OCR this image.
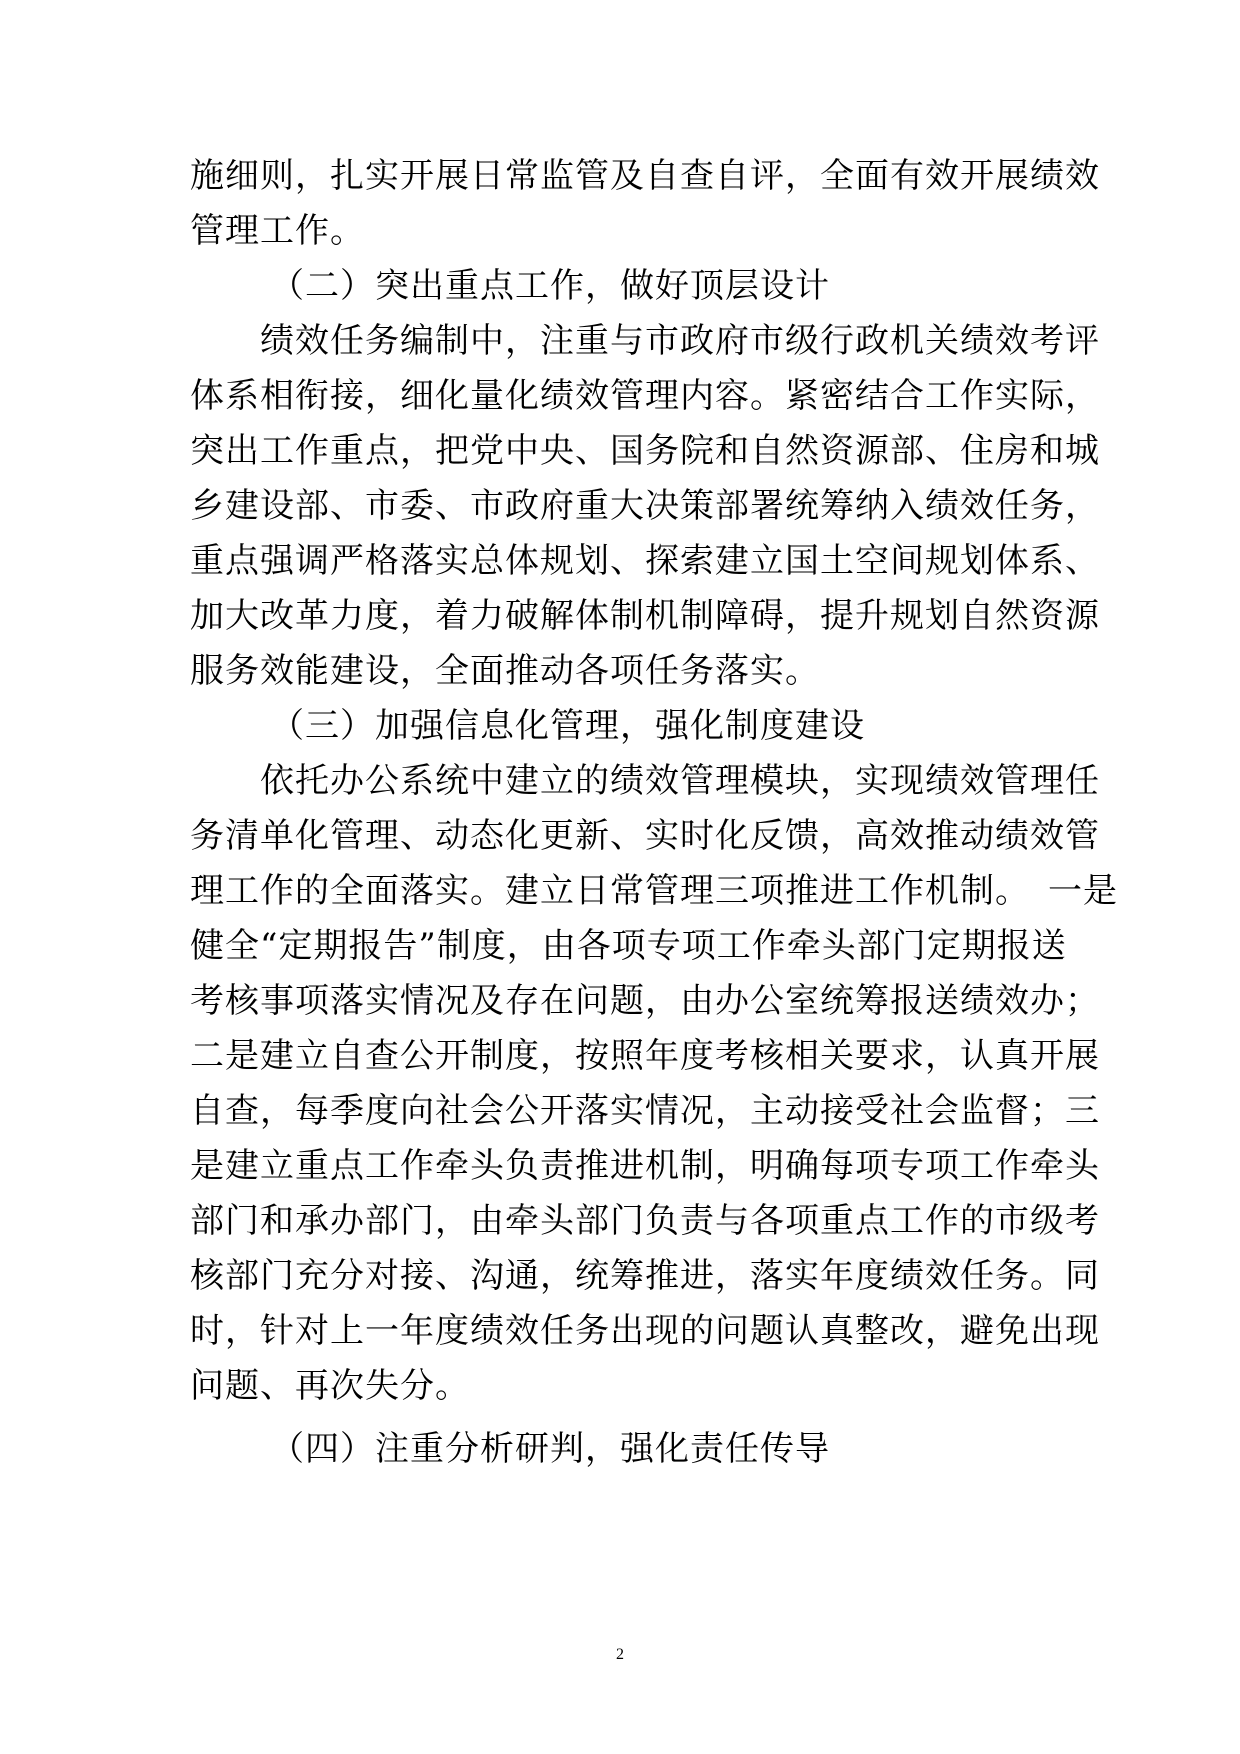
施细则，扎实开展日常监管及自查自评，全面有效开展绩效
管理工作。
（二）突出重点工作，做好顶层设计
绩效任务编制中，注重与市政府市级行政机关绩效考评
体系相衔接，细化量化绩效管理内容。紧密结合工作实际，
突出工作重点，把党中央、国务院和自然资源部、住房和城
乡建设部、市委、市政府重大决策部署统筹纳入绩效任务，
重点强调严格落实总体规划、探索建立国土空间规划体系、
加大改革力度，着力破解体制机制障碍，提升规划自然资源
服务效能建设，全面推动各项任务落实。
（三）加强信息化管理，强化制度建设
依托办公系统中建立的绩效管理模块，实现绩效管理任
务清单化管理、动态化更新、实时化反馈，高效推动绩效管
理工作的全面落实。建立日常管理三项推进工作机制。　一是
健全“定期报告”制度，由各项专项工作牵头部门定期报送
考核事项落实情况及存在问题，由办公室统筹报送绩效办；
二是建立自查公开制度，按照年度考核相关要求，认真开展
自查，每季度向社会公开落实情况，主动接受社会监督；三
是建立重点工作牵头负责推进机制，明确每项专项工作牵头
部门和承办部门，由牵头部门负责与各项重点工作的市级考
核部门充分对接、沟通，统筹推进，落实年度绩效任务。同
时，针对上一年度绩效任务出现的问题认真整改，避免出现
问题、再次失分。
（四）注重分析研判，强化责任传导
2
